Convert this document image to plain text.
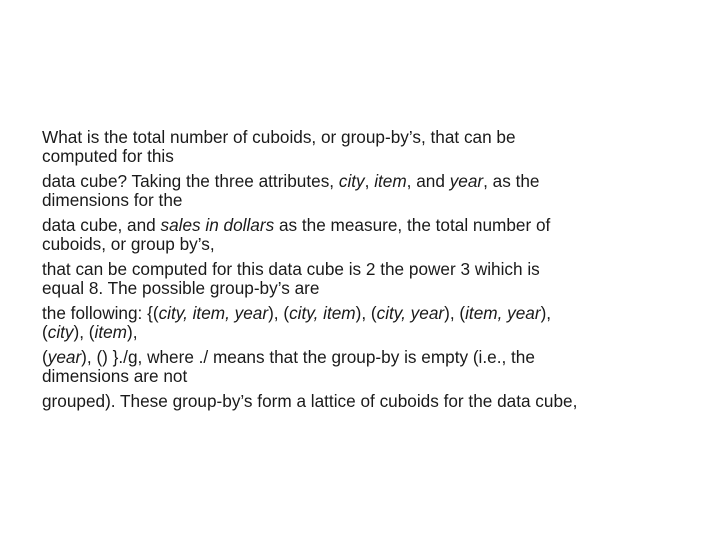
What is the total number of cuboids, or group-by’s, that can be
computed for this
data cube? Taking the three attributes, city, item, and year, as the
dimensions for the
data cube, and sales in dollars as the measure, the total number of
cuboids, or group by’s,
that can be computed for this data cube is 2 the power 3 wihich is
equal 8. The possible group-by’s are
the following: {(city, item, year), (city, item), (city, year), (item, year),
(city), (item),
(year), () }./g, where ./ means that the group-by is empty (i.e., the
dimensions are not
grouped). These group-by’s form a lattice of cuboids for the data cube,
